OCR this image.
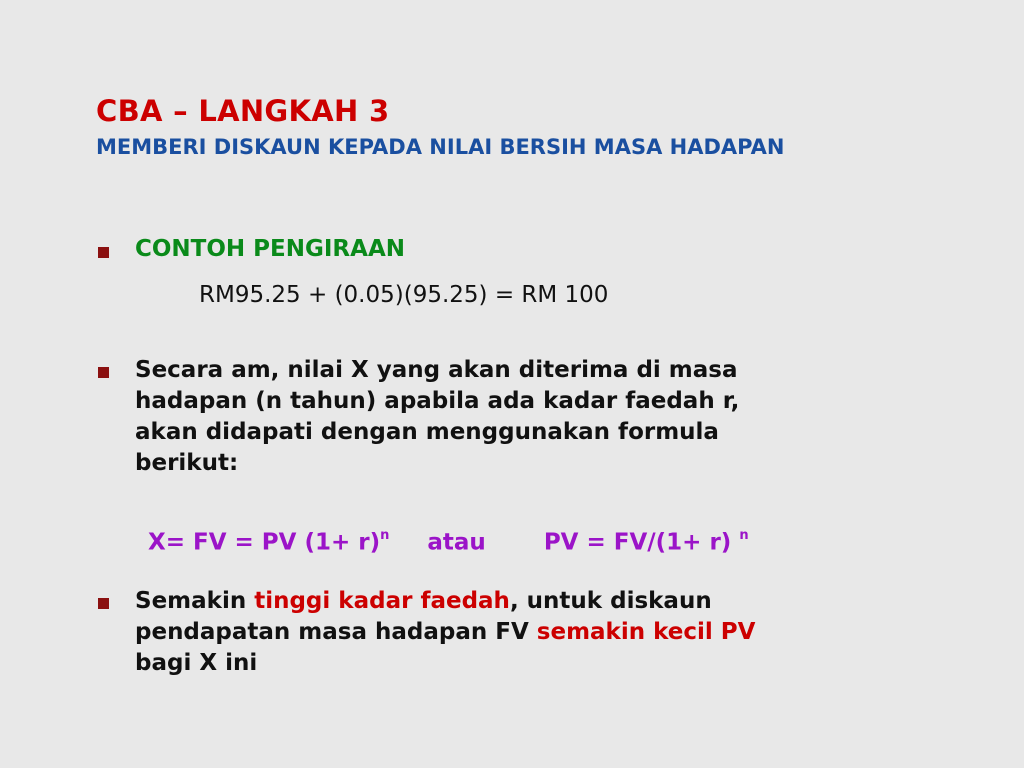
CBA – LANGKAH 3
MEMBERI DISKAUN KEPADA NILAI BERSIH MASA HADAPAN

CONTOH PENGIRAAN

RM95.25 + (0.05)(95.25) = RM 100

Secara am, nilai X yang akan diterima di masa
hadapan (n tahun) apabila ada kadar faedah r,
akan didapati dengan menggunakan formula
berikut:
X= FV = PV $(1+ r)^n$ atau	PV = FV/(1+ r) $^n$
Semakin tinggi kadar faedah, untuk diskaun
pendapatan masa hadapan FV semakin kecil PV
bagi X ini
